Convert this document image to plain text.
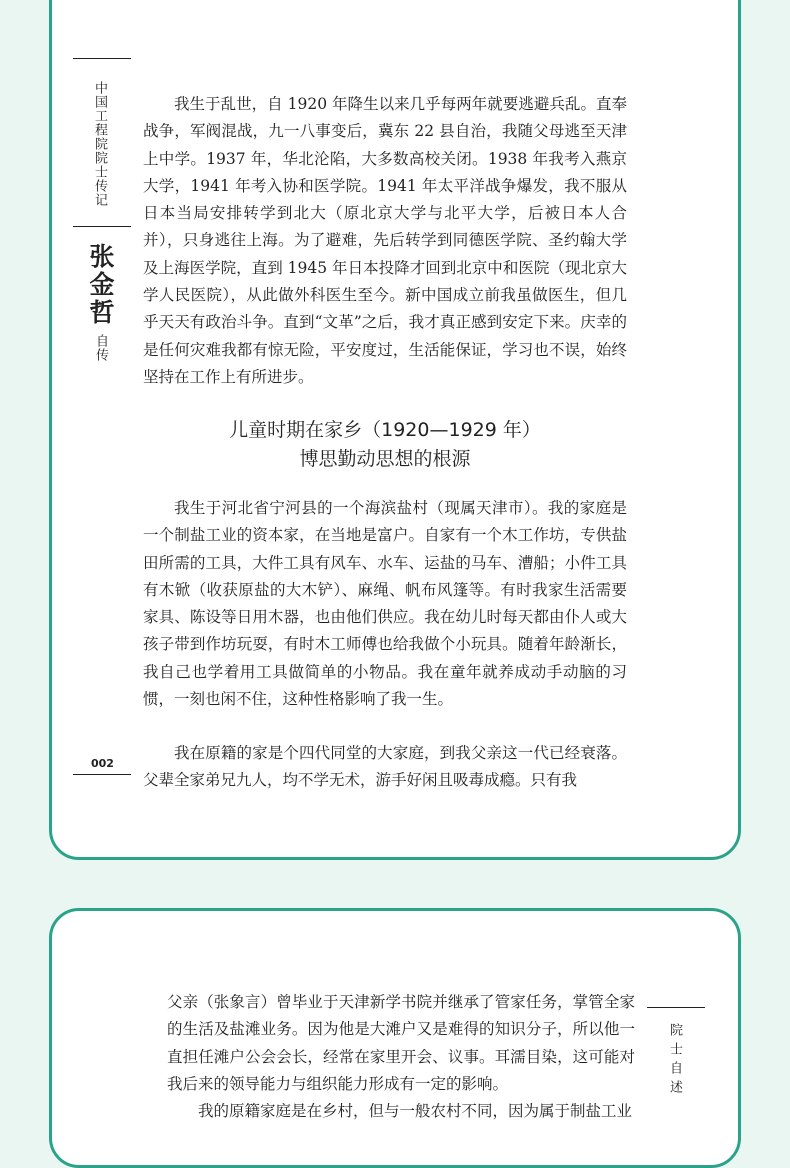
中国工程院院士传记
张金哲
自传
002

我生于乱世，自 1920 年降生以来几乎每两年就要逃避兵乱。直奉战争，军阀混战，九一八事变后，冀东 22 县自治，我随父母逃至天津上中学。1937 年，华北沦陷，大多数高校关闭。1938 年我考入燕京大学，1941 年考入协和医学院。1941 年太平洋战争爆发，我不服从日本当局安排转学到北大（原北京大学与北平大学，后被日本人合并），只身逃往上海。为了避难，先后转学到同德医学院、圣约翰大学及上海医学院，直到 1945 年日本投降才回到北京中和医院（现北京大学人民医院），从此做外科医生至今。新中国成立前我虽做医生，但几乎天天有政治斗争。直到“文革”之后，我才真正感到安定下来。庆幸的是任何灾难我都有惊无险，平安度过，生活能保证，学习也不误，始终坚持在工作上有所进步。

儿童时期在家乡（1920—1929 年）
博思勤动思想的根源

我生于河北省宁河县的一个海滨盐村（现属天津市）。我的家庭是一个制盐工业的资本家，在当地是富户。自家有一个木工作坊，专供盐田所需的工具，大件工具有风车、水车、运盐的马车、漕船；小件工具有木锨（收获原盐的大木铲）、麻绳、帆布风篷等。有时我家生活需要家具、陈设等日用木器，也由他们供应。我在幼儿时每天都由仆人或大孩子带到作坊玩耍，有时木工师傅也给我做个小玩具。随着年龄渐长，我自己也学着用工具做简单的小物品。我在童年就养成动手动脑的习惯，一刻也闲不住，这种性格影响了我一生。

我在原籍的家是个四代同堂的大家庭，到我父亲这一代已经衰落。父辈全家弟兄九人，均不学无术，游手好闲且吸毒成瘾。只有我

父亲（张象言）曾毕业于天津新学书院并继承了管家任务，掌管全家的生活及盐滩业务。因为他是大滩户又是难得的知识分子，所以他一直担任滩户公会会长，经常在家里开会、议事。耳濡目染，这可能对我后来的领导能力与组织能力形成有一定的影响。

我的原籍家庭是在乡村，但与一般农村不同，因为属于制盐工业

院士自述
